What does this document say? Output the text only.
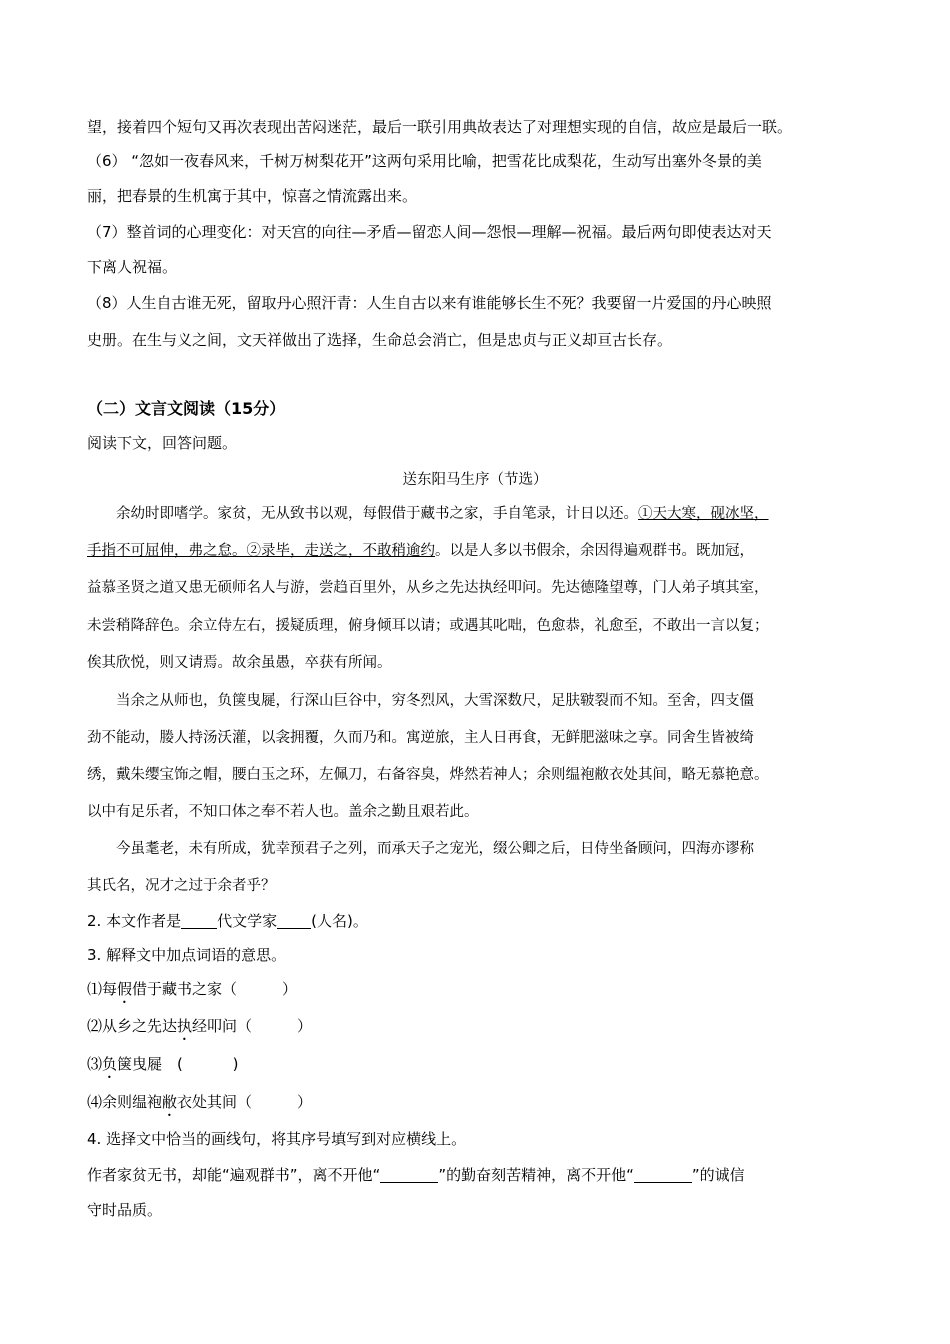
望，接着四个短句又再次表现出苦闷迷茫，最后一联引用典故表达了对理想实现的自信，故应是最后一联。
（6） “忽如一夜春风来，千树万树梨花开”这两句采用比喻，把雪花比成梨花，生动写出塞外冬景的美
丽，把春景的生机寓于其中，惊喜之情流露出来。
（7）整首词的心理变化：对天宫的向往—矛盾—留恋人间—怨恨—理解—祝福。最后两句即使表达对天
下离人祝福。
（8）人生自古谁无死，留取丹心照汗青：人生自古以来有谁能够长生不死？我要留一片爱国的丹心映照
史册。在生与义之间，文天祥做出了选择，生命总会消亡，但是忠贞与正义却亘古长存。
（二）文言文阅读（15分）
阅读下文，回答问题。
送东阳马生序（节选）
　　余幼时即嗜学。家贫，无从致书以观，每假借于藏书之家，手自笔录，计日以还。①天大寒，砚冰坚，
手指不可屈伸，弗之怠。②录毕，走送之，不敢稍逾约。以是人多以书假余，余因得遍观群书。既加冠，
益慕圣贤之道又患无硕师名人与游，尝趋百里外，从乡之先达执经叩问。先达德隆望尊，门人弟子填其室，
未尝稍降辞色。余立侍左右，援疑质理，俯身倾耳以请；或遇其叱咄，色愈恭，礼愈至，不敢出一言以复；
俟其欣悦，则又请焉。故余虽愚，卒获有所闻。
　　当余之从师也，负箧曳屣，行深山巨谷中，穷冬烈风，大雪深数尺，足肤皲裂而不知。至舍，四支僵
劲不能动，媵人持汤沃灌，以衾拥覆，久而乃和。寓逆旅，主人日再食，无鲜肥滋味之享。同舍生皆被绮
绣，戴朱缨宝饰之帽，腰白玉之环，左佩刀，右备容臭，烨然若神人；余则缊袍敝衣处其间，略无慕艳意。
以中有足乐者，不知口体之奉不若人也。盖余之勤且艰若此。
　　今虽耄老，未有所成，犹幸预君子之列，而承天子之宠光，缀公卿之后，日侍坐备顾问，四海亦谬称
其氏名，况才之过于余者乎？
2. 本文作者是 代文学家 (人名)。
3. 解释文中加点词语的意思。
⑴每假借于藏书之家（　　　）
⑵从乡之先达执经叩问（　　　）
⑶负箧曳屣　(　　　 )
⑷余则缊袍敝衣处其间（　　　）
4. 选择文中恰当的画线句，将其序号填写到对应横线上。
作者家贫无书，却能“遍观群书”，离不开他“	”的勤奋刻苦精神，离不开他“	”的诚信
守时品质。
